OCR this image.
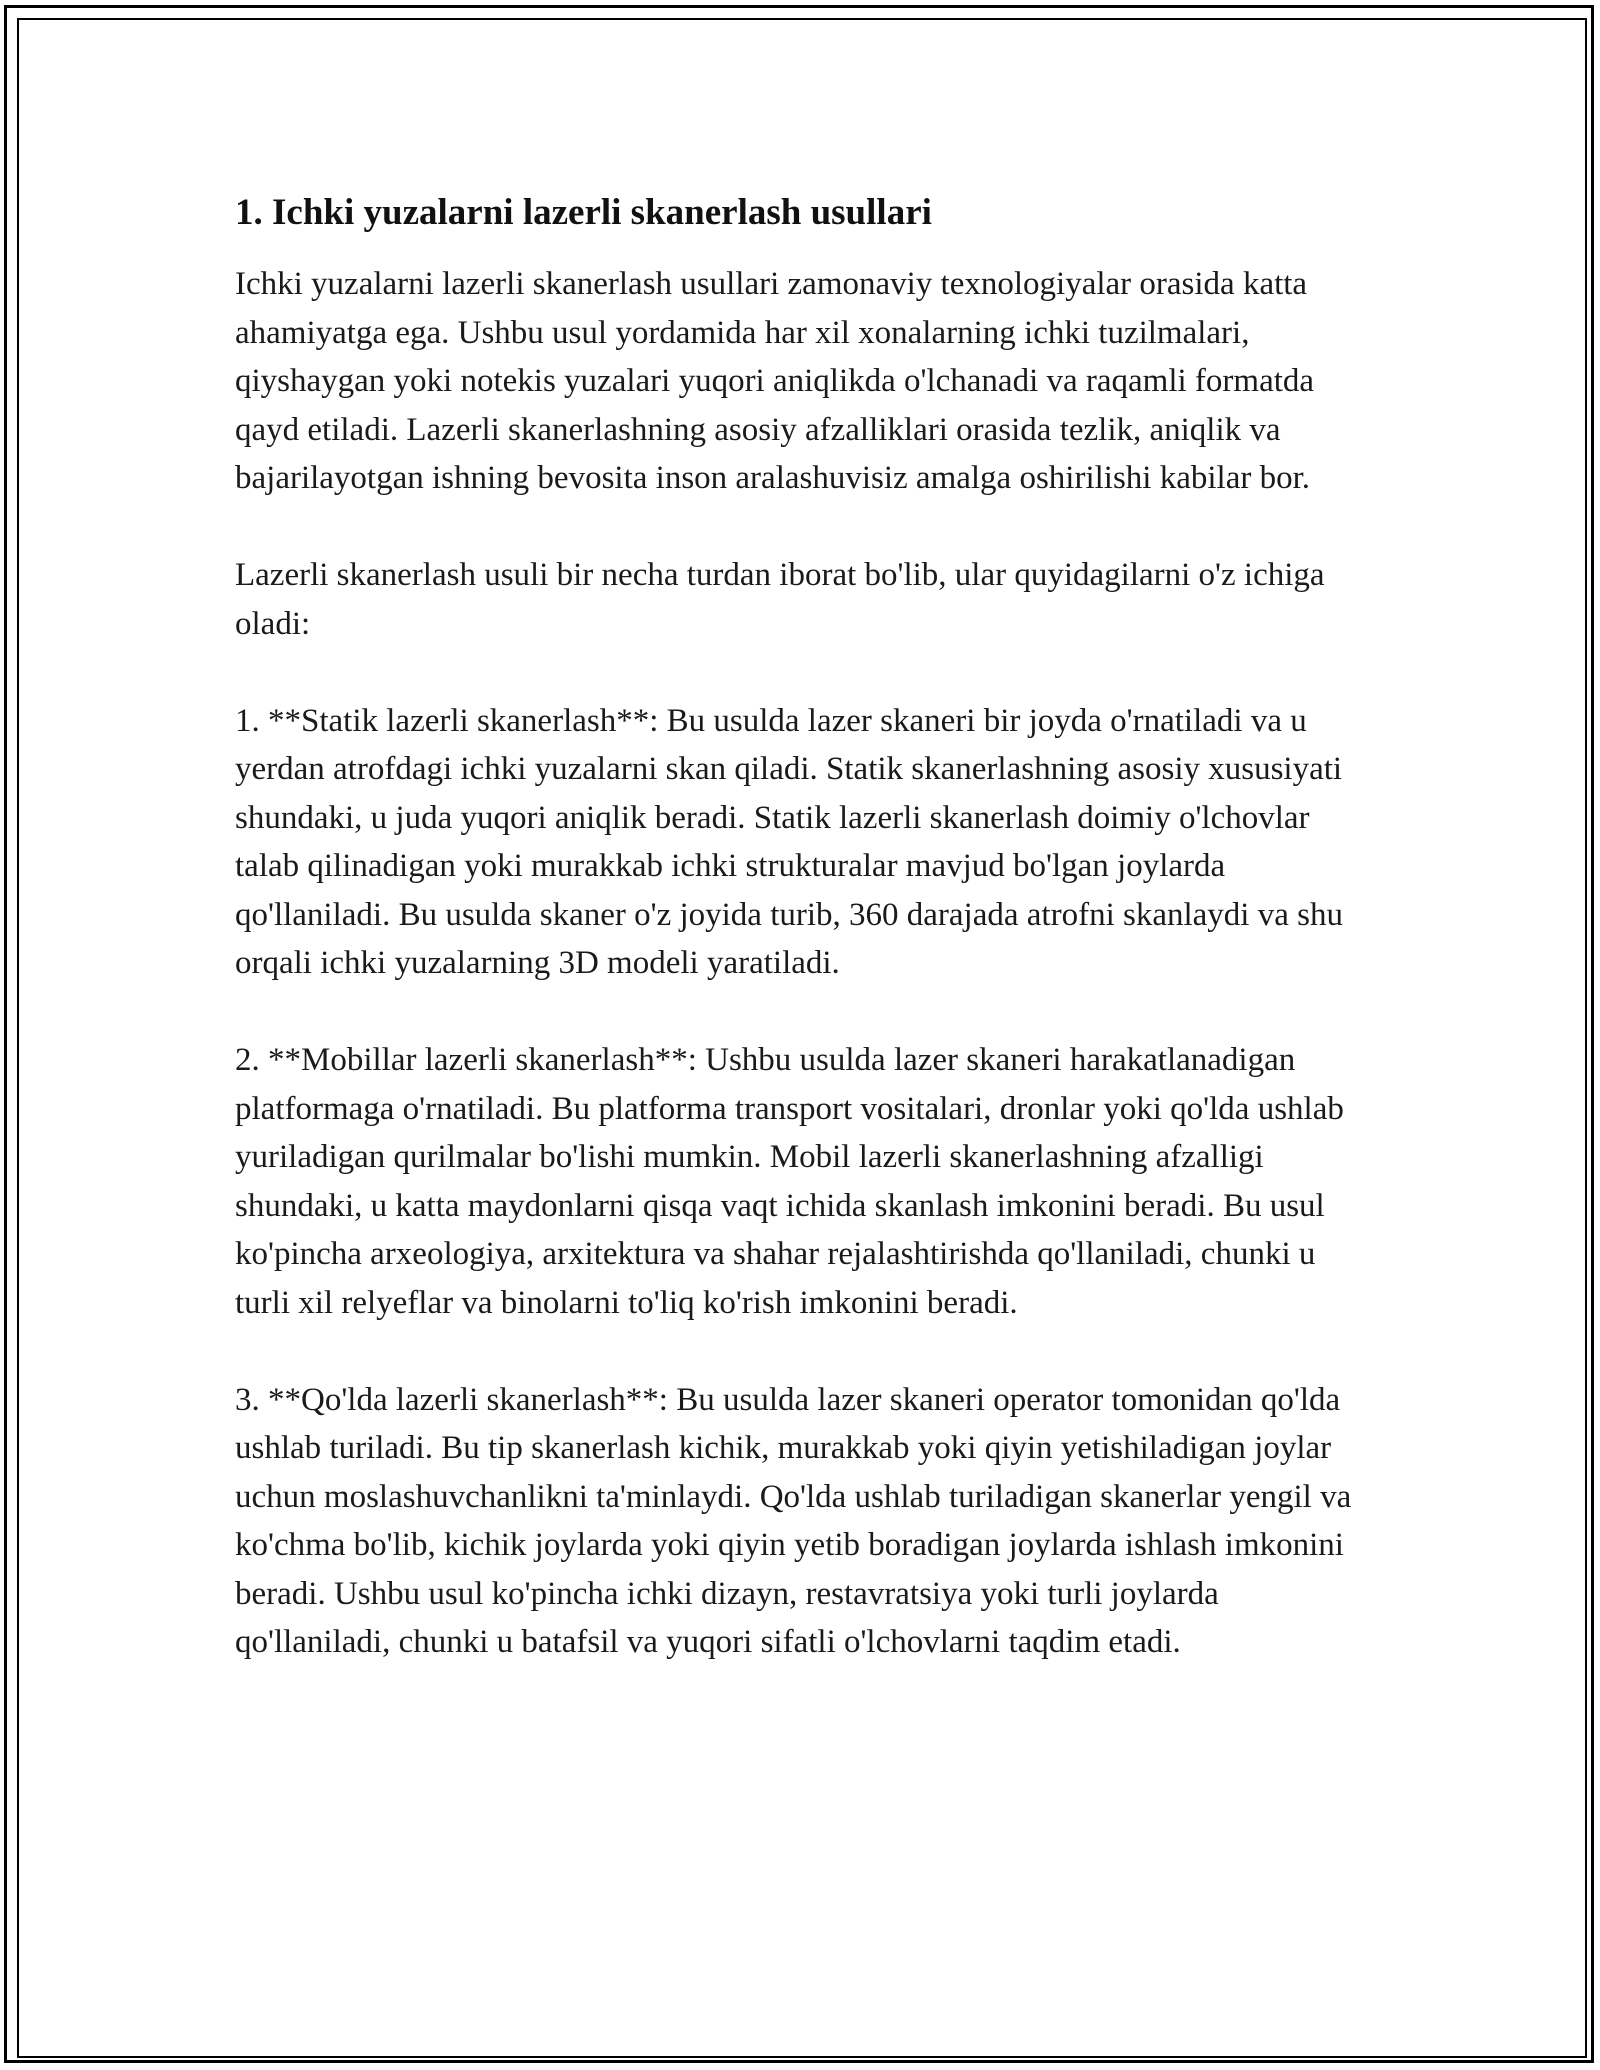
1. Ichki yuzalarni lazerli skanerlash usullari

Ichki yuzalarni lazerli skanerlash usullari zamonaviy texnologiyalar orasida katta ahamiyatga ega. Ushbu usul yordamida har xil xonalarning ichki tuzilmalari, qiyshaygan yoki notekis yuzalari yuqori aniqlikda o'lchanadi va raqamli formatda qayd etiladi. Lazerli skanerlashning asosiy afzalliklari orasida tezlik, aniqlik va bajarilayotgan ishning bevosita inson aralashuvisiz amalga oshirilishi kabilar bor.

Lazerli skanerlash usuli bir necha turdan iborat bo'lib, ular quyidagilarni o'z ichiga oladi:

1. **Statik lazerli skanerlash**: Bu usulda lazer skaneri bir joyda o'rnatiladi va u yerdan atrofdagi ichki yuzalarni skan qiladi. Statik skanerlashning asosiy xususiyati shundaki, u juda yuqori aniqlik beradi. Statik lazerli skanerlash doimiy o'lchovlar talab qilinadigan yoki murakkab ichki strukturalar mavjud bo'lgan joylarda qo'llaniladi. Bu usulda skaner o'z joyida turib, 360 darajada atrofni skanlaydi va shu orqali ichki yuzalarning 3D modeli yaratiladi.

2. **Mobillar lazerli skanerlash**: Ushbu usulda lazer skaneri harakatlanadigan platformaga o'rnatiladi. Bu platforma transport vositalari, dronlar yoki qo'lda ushlab yuriladigan qurilmalar bo'lishi mumkin. Mobil lazerli skanerlashning afzalligi shundaki, u katta maydonlarni qisqa vaqt ichida skanlash imkonini beradi. Bu usul ko'pincha arxeologiya, arxitektura va shahar rejalashtirishda qo'llaniladi, chunki u turli xil relyeflar va binolarni to'liq ko'rish imkonini beradi.

3. **Qo'lda lazerli skanerlash**: Bu usulda lazer skaneri operator tomonidan qo'lda ushlab turiladi. Bu tip skanerlash kichik, murakkab yoki qiyin yetishiladigan joylar uchun moslashuvchanlikni ta'minlaydi. Qo'lda ushlab turiladigan skanerlar yengil va ko'chma bo'lib, kichik joylarda yoki qiyin yetib boradigan joylarda ishlash imkonini beradi. Ushbu usul ko'pincha ichki dizayn, restavratsiya yoki turli joylarda qo'llaniladi, chunki u batafsil va yuqori sifatli o'lchovlarni taqdim etadi.
